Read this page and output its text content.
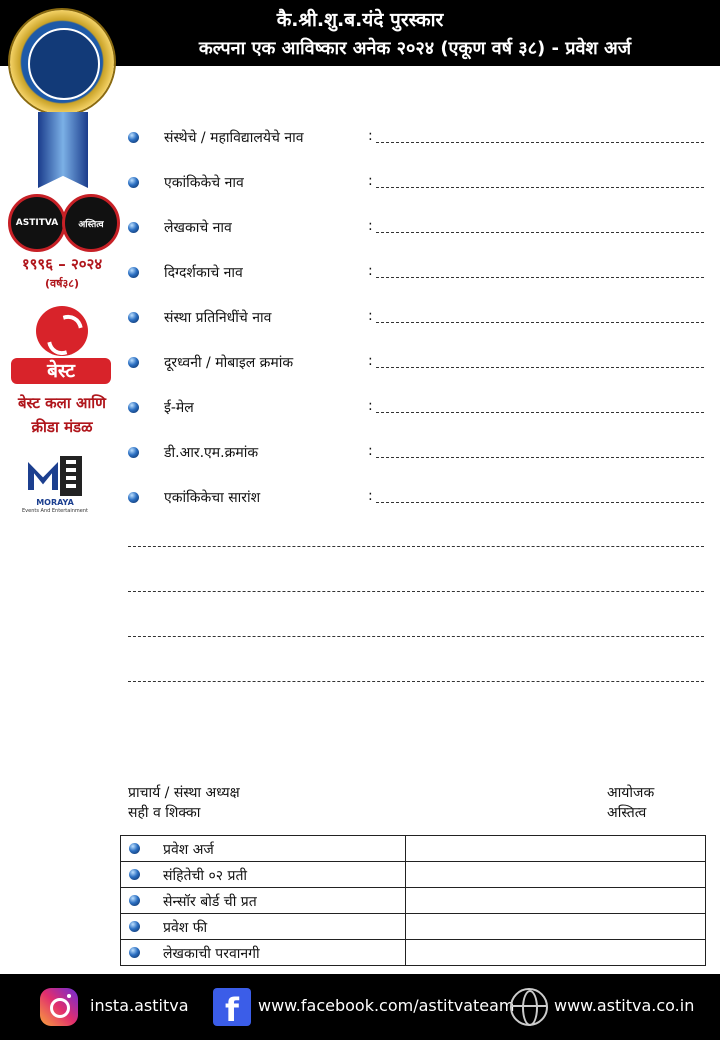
कै.श्री.शु.ब.यंदे पुरस्कार
कल्पना एक आविष्कार अनेक २०२४ (एकूण वर्ष ३८) - प्रवेश अर्ज
ASTITVA	अस्तित्व
१९९६ – २०२४
(वर्ष३८)
बेस्ट
बेस्ट कला आणि
क्रीडा मंडळ
MORAYA
Events And Entertainment
संस्थेचे / महाविद्यालयेचे नाव	:
एकांकिकेचे नाव	:
लेखकाचे नाव	:
दिग्दर्शकाचे नाव	:
संस्था प्रतिनिधींचे नाव	:
दूरध्वनी / मोबाइल क्रमांक	:
ई-मेल	:
डी.आर.एम.क्रमांक	:
एकांकिकेचा सारांश	:
प्राचार्य / संस्था अध्यक्ष
सही व शिक्का
आयोजक
अस्तित्व
प्रवेश अर्ज	

संहितेची ०२ प्रती	

सेन्सॉर बोर्ड ची प्रत	

प्रवेश फी	

लेखकाची परवानगी	

insta.astitva	f	www.facebook.com/astitvateam www.astitva.co.in
